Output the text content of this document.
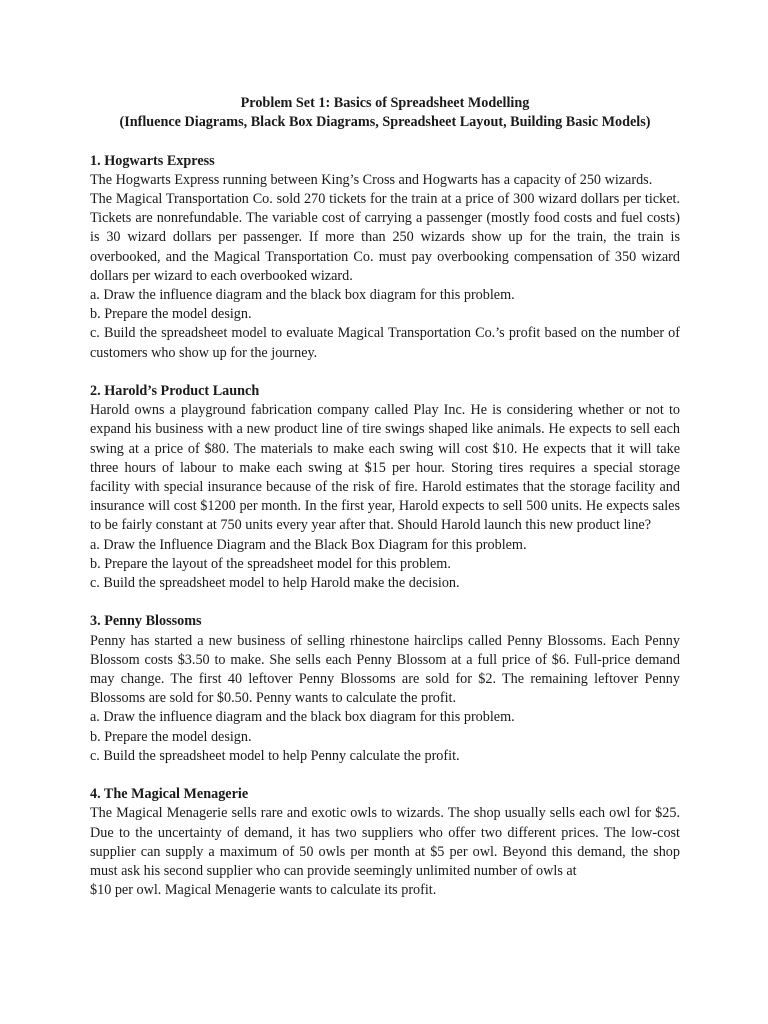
Problem Set 1: Basics of Spreadsheet Modelling

(Influence Diagrams, Black Box Diagrams, Spreadsheet Layout, Building Basic Models)

1. Hogwarts Express

The Hogwarts Express running between King’s Cross and Hogwarts has a capacity of 250 wizards.

The Magical Transportation Co. sold 270 tickets for the train at a price of 300 wizard dollars per ticket. Tickets are nonrefundable. The variable cost of carrying a passenger (mostly food costs and fuel costs) is 30 wizard dollars per passenger. If more than 250 wizards show up for the train, the train is overbooked, and the Magical Transportation Co. must pay overbooking compensation of 350 wizard dollars per wizard to each overbooked wizard.

a. Draw the influence diagram and the black box diagram for this problem.

b. Prepare the model design.

c. Build the spreadsheet model to evaluate Magical Transportation Co.’s profit based on the number of customers who show up for the journey.

2. Harold’s Product Launch

Harold owns a playground fabrication company called Play Inc. He is considering whether or not to expand his business with a new product line of tire swings shaped like animals. He expects to sell each swing at a price of $80. The materials to make each swing will cost $10. He expects that it will take three hours of labour to make each swing at $15 per hour. Storing tires requires a special storage facility with special insurance because of the risk of fire. Harold estimates that the storage facility and insurance will cost $1200 per month. In the first year, Harold expects to sell 500 units. He expects sales to be fairly constant at 750 units every year after that. Should Harold launch this new product line?

a. Draw the Influence Diagram and the Black Box Diagram for this problem.

b. Prepare the layout of the spreadsheet model for this problem.

c. Build the spreadsheet model to help Harold make the decision.

3. Penny Blossoms

Penny has started a new business of selling rhinestone hairclips called Penny Blossoms. Each Penny Blossom costs $3.50 to make. She sells each Penny Blossom at a full price of $6. Full-price demand may change. The first 40 leftover Penny Blossoms are sold for $2. The remaining leftover Penny Blossoms are sold for $0.50. Penny wants to calculate the profit.

a. Draw the influence diagram and the black box diagram for this problem.

b. Prepare the model design.

c. Build the spreadsheet model to help Penny calculate the profit.

4. The Magical Menagerie

The Magical Menagerie sells rare and exotic owls to wizards. The shop usually sells each owl for $25. Due to the uncertainty of demand, it has two suppliers who offer two different prices. The low-cost supplier can supply a maximum of 50 owls per month at $5 per owl. Beyond this demand, the shop must ask his second supplier who can provide seemingly unlimited number of owls at

$10 per owl. Magical Menagerie wants to calculate its profit.
